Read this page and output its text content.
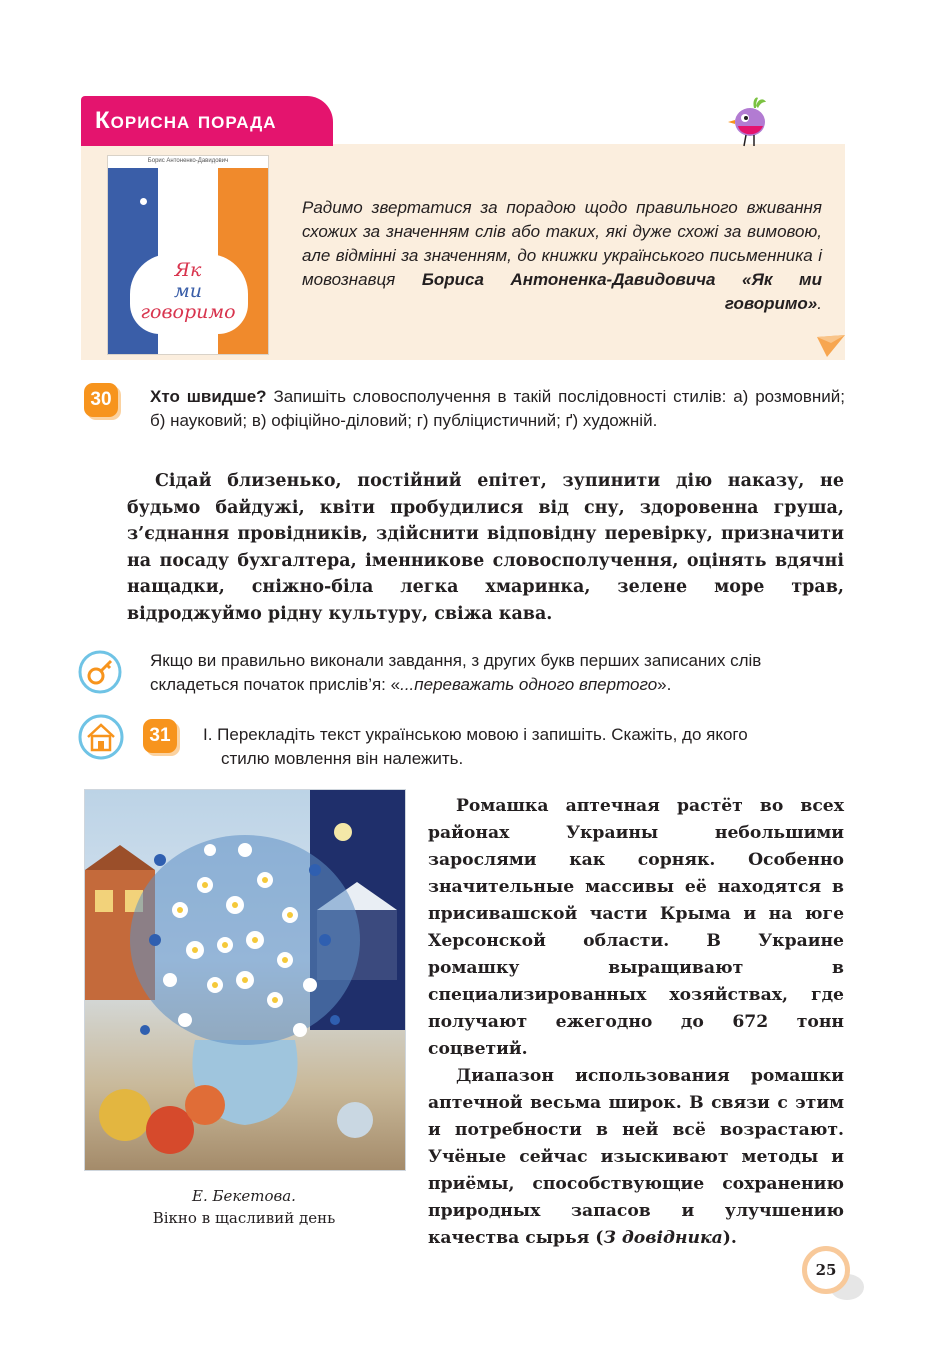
Корисна порада
Борис Антоненко-Давидович
Як
ми
говоримо
Радимо звертатися за порадою щодо правильного вживання схожих за значенням слів або таких, які дуже схожі за вимовою, але відмінні за значенням, до книжки українського письменника і мовознавця Бориса Антоненка-Давидовича «Як ми говоримо».
30	Хто швидше? Запишіть словосполучення в такій послідовності стилів: а) розмовний; б) науковий; в) офіційно-діловий; г) публіцистичний; ґ) художній.
Сідай близенько, постійний епітет, зупинити дію наказу, не будьмо байдужі, квіти пробудилися від сну, здоровенна груша, з’єднання провідників, здійснити відповідну перевірку, призначити на посаду бухгалтера, іменникове словосполучення, оцінять вдячні нащадки, сніжно-біла легка хмаринка, зелене море трав, відроджуймо рідну культуру, свіжа кава.
Якщо ви правильно виконали завдання, з других букв перших записаних слів складеться початок прислів’я: «...переважать одного впертого».
31	І. Перекладіть текст українською мовою і запишіть. Скажіть, до якого
стилю мовлення він належить.
Е. Бекетова.
Вікно в щасливий день

Ромашка аптечная растёт во всех районах Украины небольшими зарослями как сорняк. Особенно значительные массивы её находятся в присивашской части Крыма и на юге Херсонской области. В Украине ромашку выращивают в специализированных хозяйствах, где получают ежегодно до 672 тонн соцветий.

Диапазон использования ромашки аптечной весьма широк. В связи с этим и потребности в ней всё возрастают. Учёные сейчас изыскивают методы и приёмы, способствующие сохранению природных запасов и улучшению качества сырья (З довідника).

25
